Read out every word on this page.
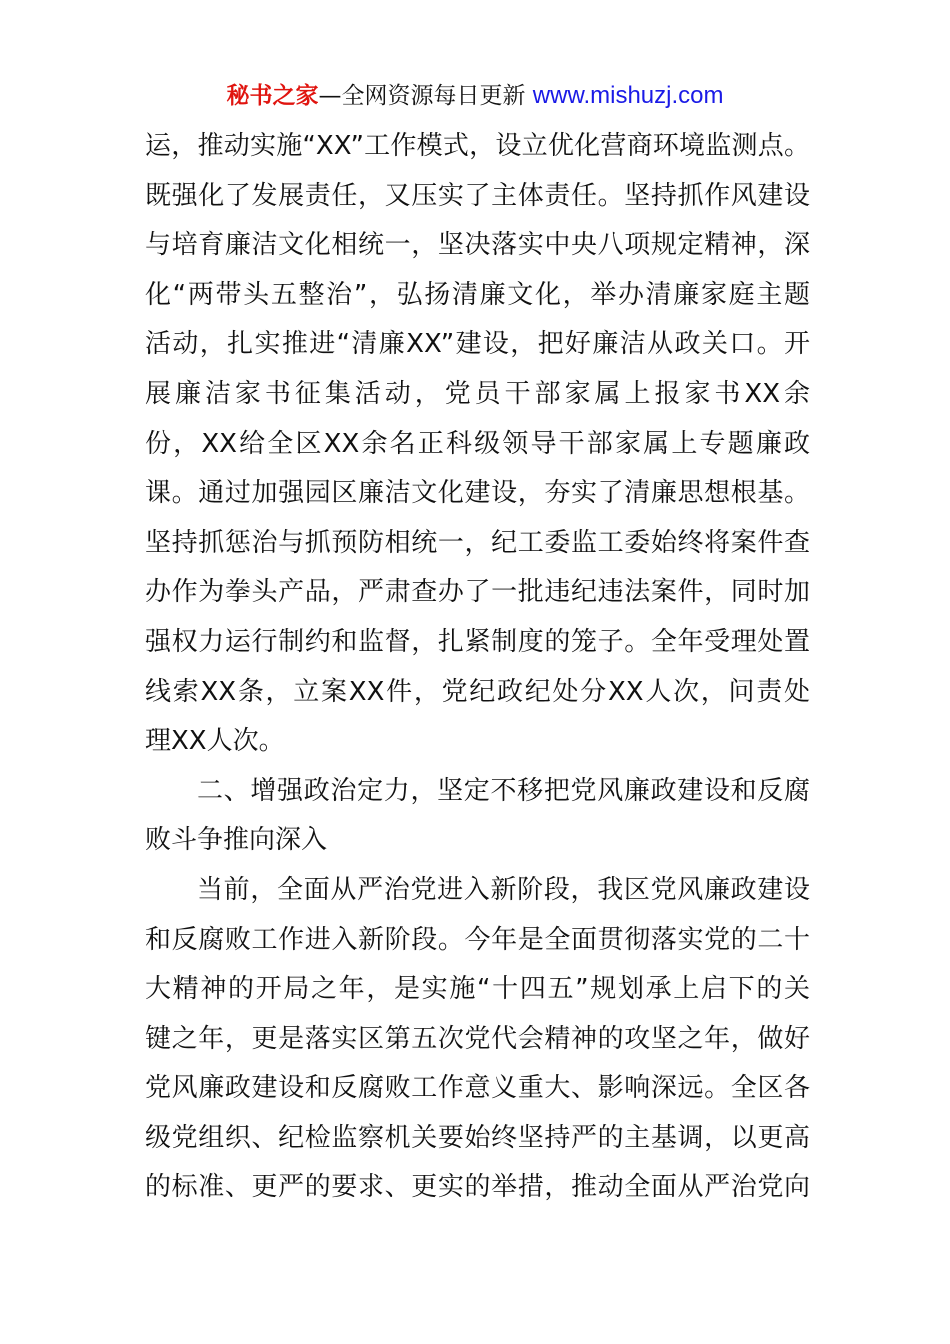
秘书之家—全网资源每日更新 www.mishuzj.com
运，推动实施“XX”工作模式，设立优化营商环境监测点。
既强化了发展责任，又压实了主体责任。坚持抓作风建设
与培育廉洁文化相统一，坚决落实中央八项规定精神，深
化“两带头五整治”，弘扬清廉文化，举办清廉家庭主题
活动，扎实推进“清廉XX”建设，把好廉洁从政关口。开
展廉洁家书征集活动，党员干部家属上报家书XX余
份，XX给全区XX余名正科级领导干部家属上专题廉政
课。通过加强园区廉洁文化建设，夯实了清廉思想根基。
坚持抓惩治与抓预防相统一，纪工委监工委始终将案件查
办作为拳头产品，严肃查办了一批违纪违法案件，同时加
强权力运行制约和监督，扎紧制度的笼子。全年受理处置
线索XX条，立案XX件，党纪政纪处分XX人次，问责处
理XX人次。
二、增强政治定力，坚定不移把党风廉政建设和反腐
败斗争推向深入
当前，全面从严治党进入新阶段，我区党风廉政建设
和反腐败工作进入新阶段。今年是全面贯彻落实党的二十
大精神的开局之年，是实施“十四五”规划承上启下的关
键之年，更是落实区第五次党代会精神的攻坚之年，做好
党风廉政建设和反腐败工作意义重大、影响深远。全区各
级党组织、纪检监察机关要始终坚持严的主基调，以更高
的标准、更严的要求、更实的举措，推动全面从严治党向
